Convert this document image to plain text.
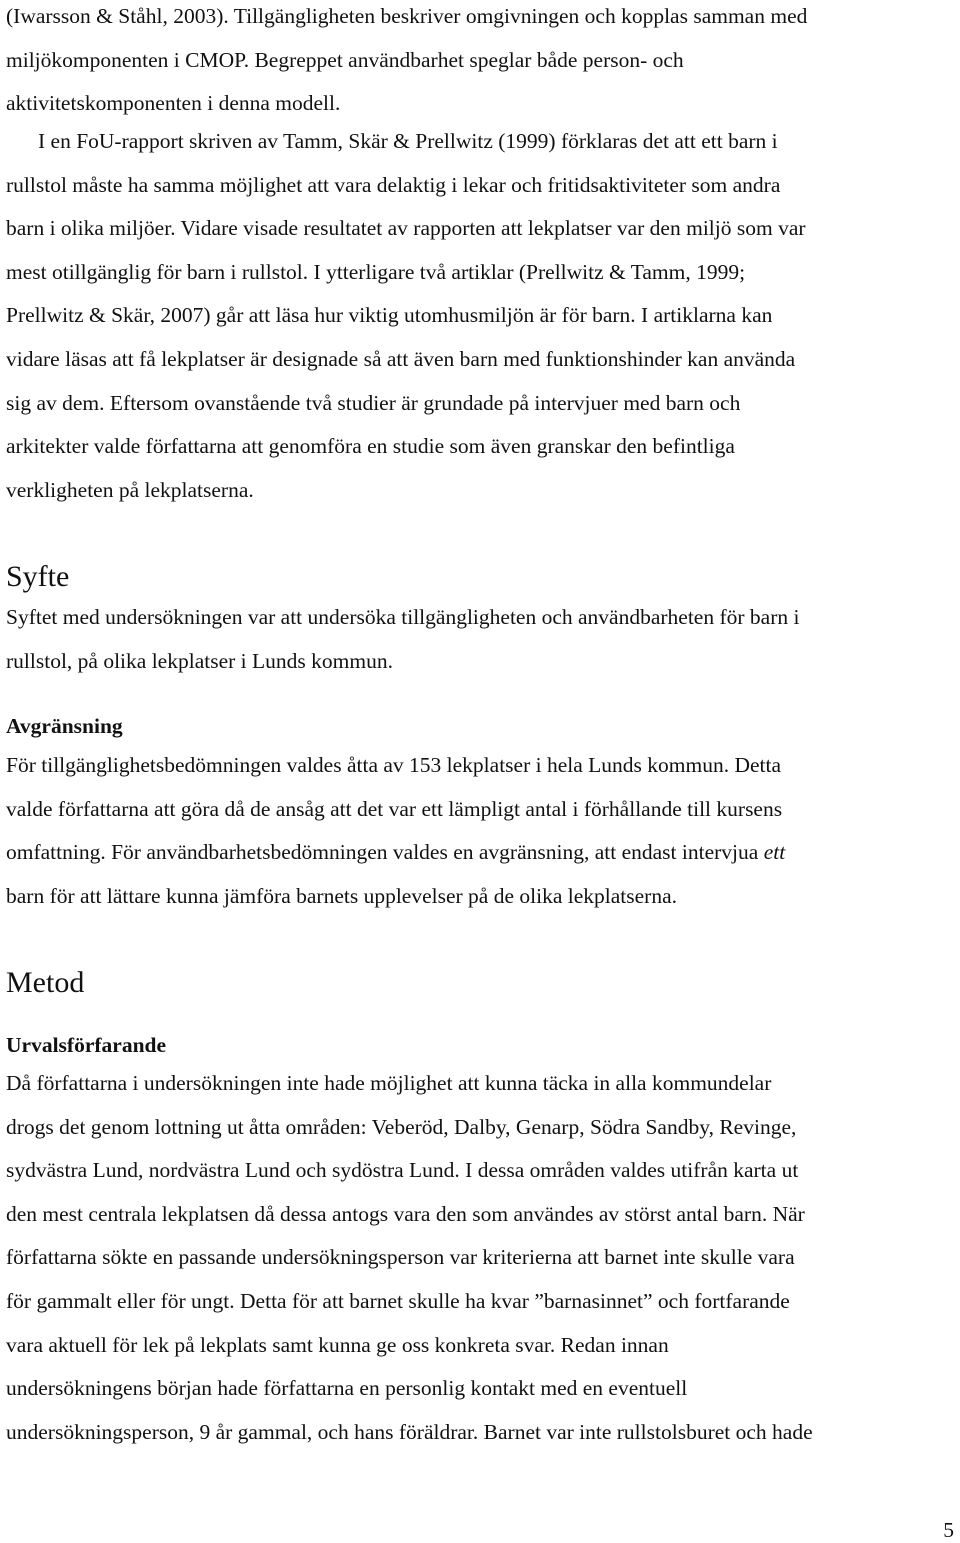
(Iwarsson & Ståhl, 2003). Tillgängligheten beskriver omgivningen och kopplas samman med
miljökomponenten i CMOP. Begreppet användbarhet speglar både person- och
aktivitetskomponenten i denna modell.

I en FoU-rapport skriven av Tamm, Skär & Prellwitz (1999) förklaras det att ett barn i
rullstol måste ha samma möjlighet att vara delaktig i lekar och fritidsaktiviteter som andra
barn i olika miljöer. Vidare visade resultatet av rapporten att lekplatser var den miljö som var
mest otillgänglig för barn i rullstol. I ytterligare två artiklar (Prellwitz & Tamm, 1999;
Prellwitz & Skär, 2007) går att läsa hur viktig utomhusmiljön är för barn. I artiklarna kan
vidare läsas att få lekplatser är designade så att även barn med funktionshinder kan använda
sig av dem. Eftersom ovanstående två studier är grundade på intervjuer med barn och
arkitekter valde författarna att genomföra en studie som även granskar den befintliga
verkligheten på lekplatserna.

Syfte

Syftet med undersökningen var att undersöka tillgängligheten och användbarheten för barn i
rullstol, på olika lekplatser i Lunds kommun.

Avgränsning

För tillgänglighetsbedömningen valdes åtta av 153 lekplatser i hela Lunds kommun. Detta
valde författarna att göra då de ansåg att det var ett lämpligt antal i förhållande till kursens
omfattning. För användbarhetsbedömningen valdes en avgränsning, att endast intervjua ett
barn för att lättare kunna jämföra barnets upplevelser på de olika lekplatserna.

Metod
Urvalsförfarande

Då författarna i undersökningen inte hade möjlighet att kunna täcka in alla kommundelar
drogs det genom lottning ut åtta områden: Veberöd, Dalby, Genarp, Södra Sandby, Revinge,
sydvästra Lund, nordvästra Lund och sydöstra Lund. I dessa områden valdes utifrån karta ut
den mest centrala lekplatsen då dessa antogs vara den som användes av störst antal barn. När
författarna sökte en passande undersökningsperson var kriterierna att barnet inte skulle vara
för gammalt eller för ungt. Detta för att barnet skulle ha kvar ”barnasinnet” och fortfarande
vara aktuell för lek på lekplats samt kunna ge oss konkreta svar. Redan innan
undersökningens början hade författarna en personlig kontakt med en eventuell
undersökningsperson, 9 år gammal, och hans föräldrar. Barnet var inte rullstolsburet och hade

5
